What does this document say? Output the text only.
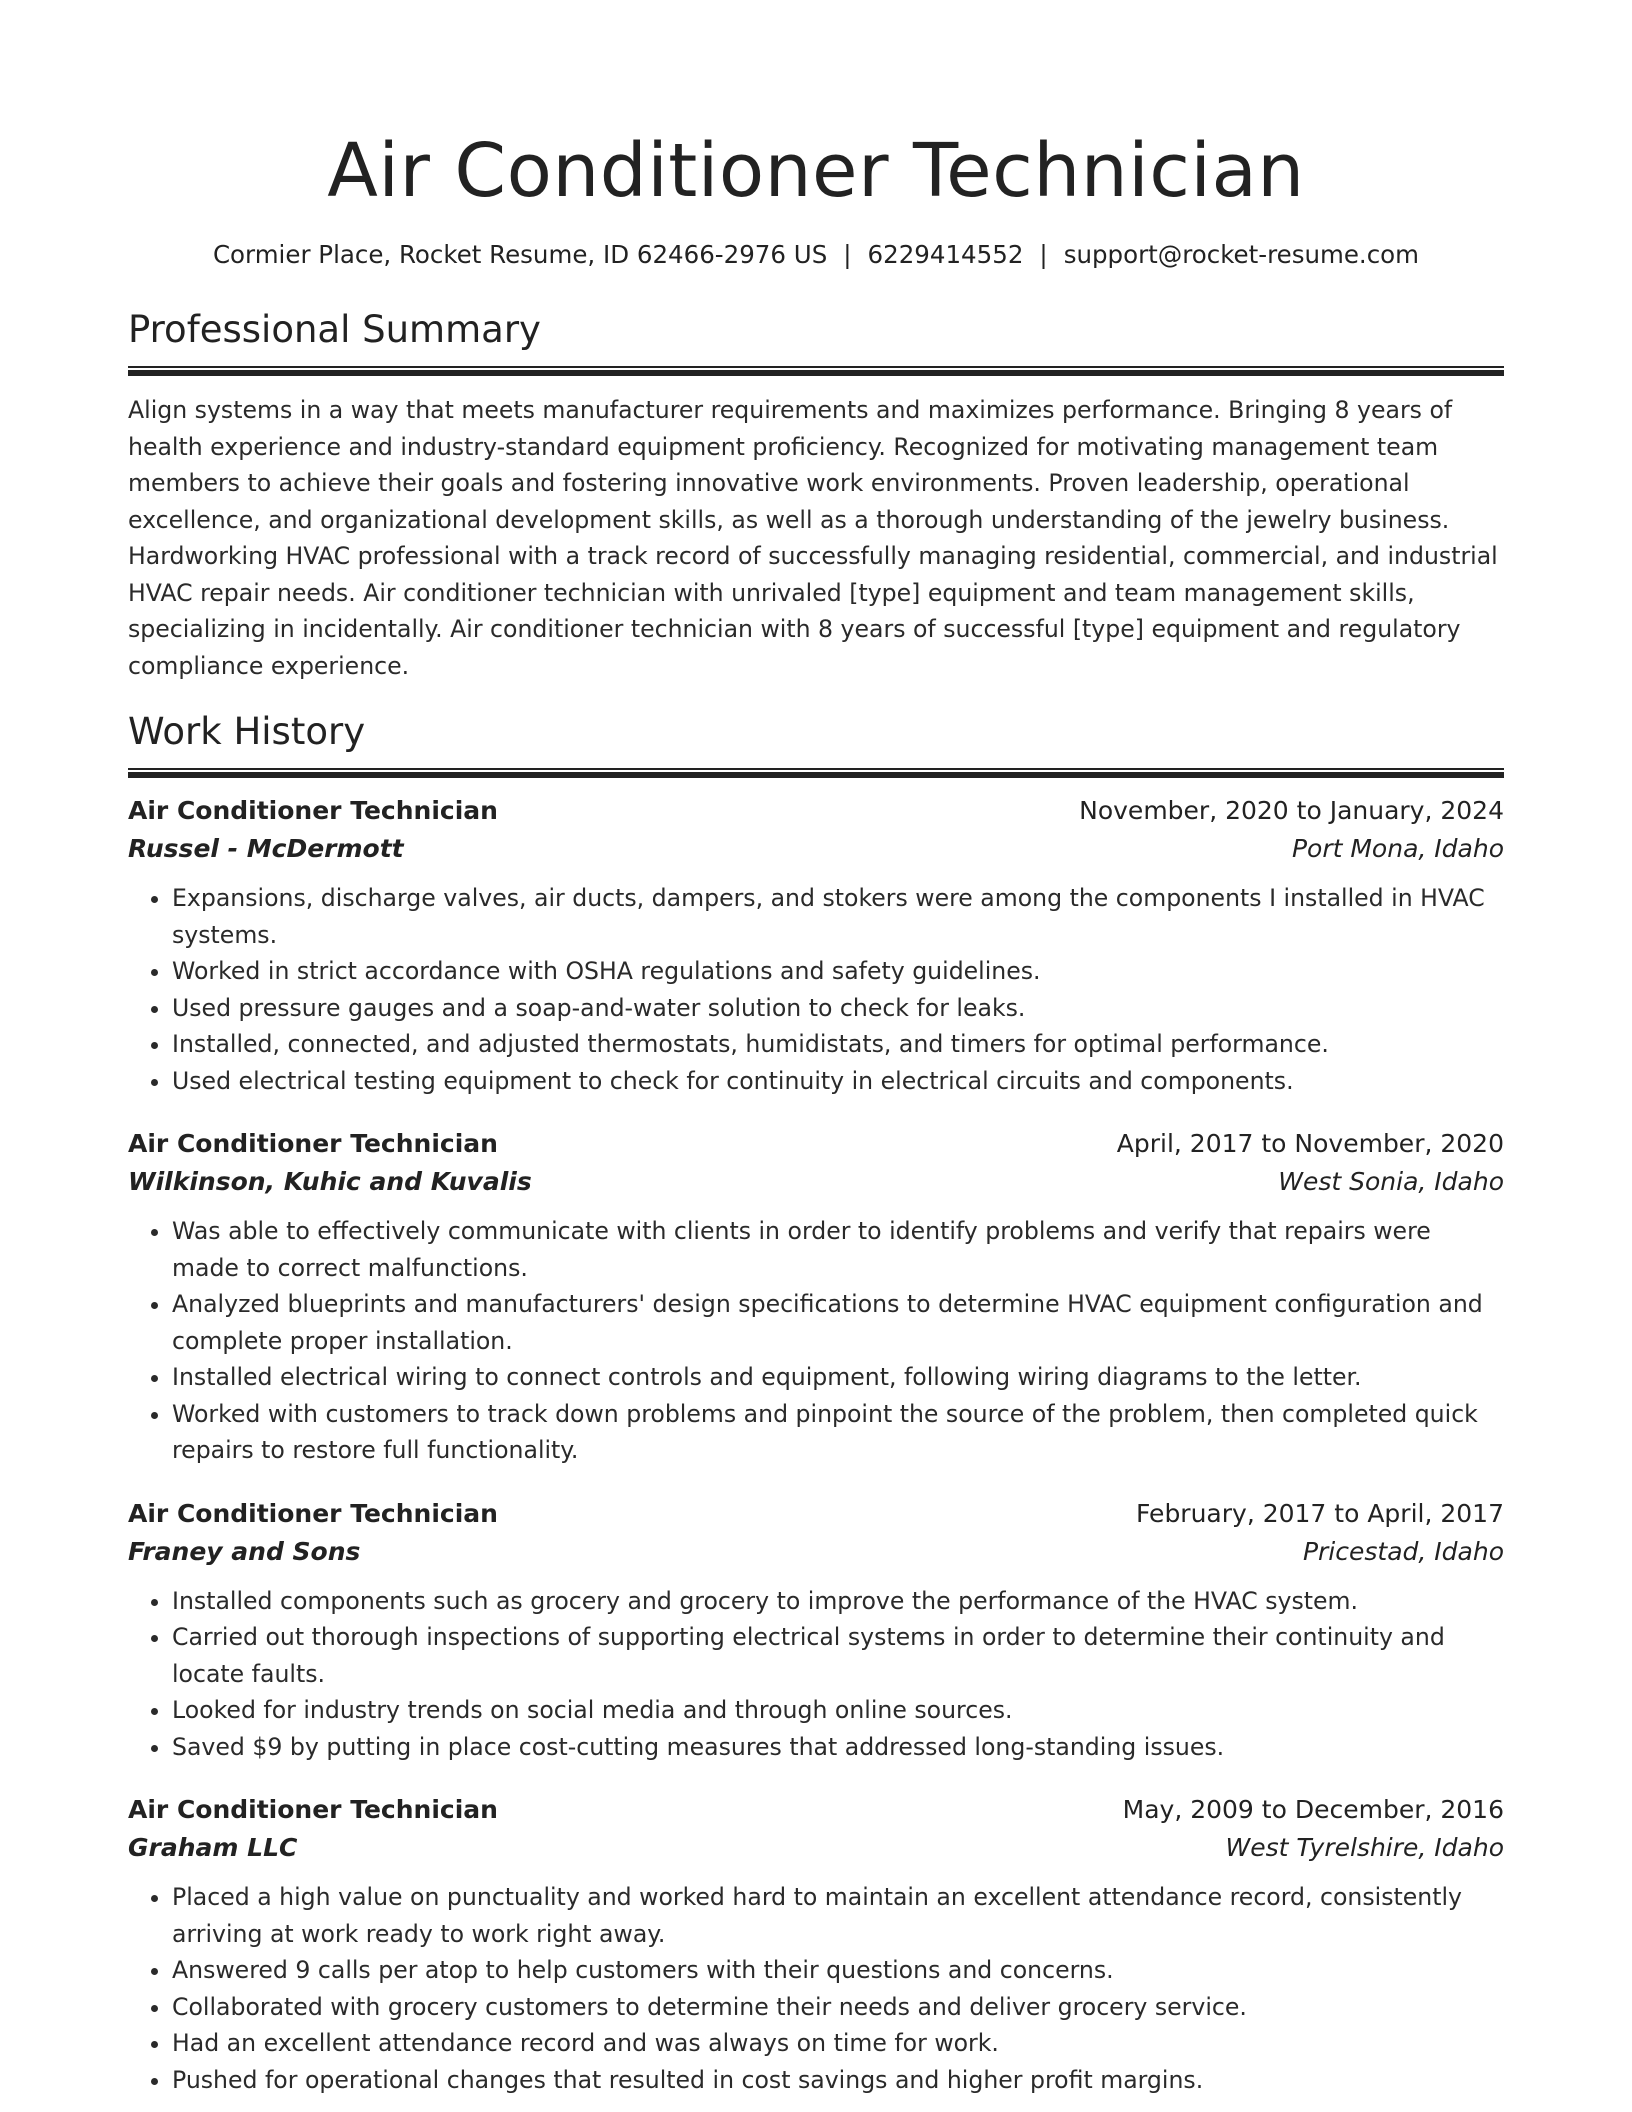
Air Conditioner Technician
Cormier Place, Rocket Resume, ID 62466-2976 US | 6229414552 | support@rocket-resume.com
Professional Summary

Align systems in a way that meets manufacturer requirements and maximizes performance. Bringing 8 years of health experience and industry-standard equipment proficiency. Recognized for motivating management team members to achieve their goals and fostering innovative work environments. Proven leadership, operational excellence, and organizational development skills, as well as a thorough understanding of the jewelry business. Hardworking HVAC professional with a track record of successfully managing residential, commercial, and industrial HVAC repair needs. Air conditioner technician with unrivaled [type] equipment and team management skills, specializing in incidentally. Air conditioner technician with 8 years of successful [type] equipment and regulatory compliance experience.

Work History
Air Conditioner Technician	November, 2020 to January, 2024
Russel - McDermott	Port Mona, Idaho
• Expansions, discharge valves, air ducts, dampers, and stokers were among the components I installed in HVAC systems.
• Worked in strict accordance with OSHA regulations and safety guidelines.
• Used pressure gauges and a soap-and-water solution to check for leaks.
• Installed, connected, and adjusted thermostats, humidistats, and timers for optimal performance.
• Used electrical testing equipment to check for continuity in electrical circuits and components.
Air Conditioner Technician	April, 2017 to November, 2020
Wilkinson, Kuhic and Kuvalis	West Sonia, Idaho
• Was able to effectively communicate with clients in order to identify problems and verify that repairs were made to correct malfunctions.
• Analyzed blueprints and manufacturers' design specifications to determine HVAC equipment configuration and complete proper installation.
• Installed electrical wiring to connect controls and equipment, following wiring diagrams to the letter.
• Worked with customers to track down problems and pinpoint the source of the problem, then completed quick repairs to restore full functionality.
Air Conditioner Technician	February, 2017 to April, 2017
Franey and Sons	Pricestad, Idaho
• Installed components such as grocery and grocery to improve the performance of the HVAC system.
• Carried out thorough inspections of supporting electrical systems in order to determine their continuity and locate faults.
• Looked for industry trends on social media and through online sources.
• Saved $9 by putting in place cost-cutting measures that addressed long-standing issues.
Air Conditioner Technician	May, 2009 to December, 2016
Graham LLC	West Tyrelshire, Idaho
• Placed a high value on punctuality and worked hard to maintain an excellent attendance record, consistently arriving at work ready to work right away.
• Answered 9 calls per atop to help customers with their questions and concerns.
• Collaborated with grocery customers to determine their needs and deliver grocery service.
• Had an excellent attendance record and was always on time for work.
• Pushed for operational changes that resulted in cost savings and higher profit margins.
